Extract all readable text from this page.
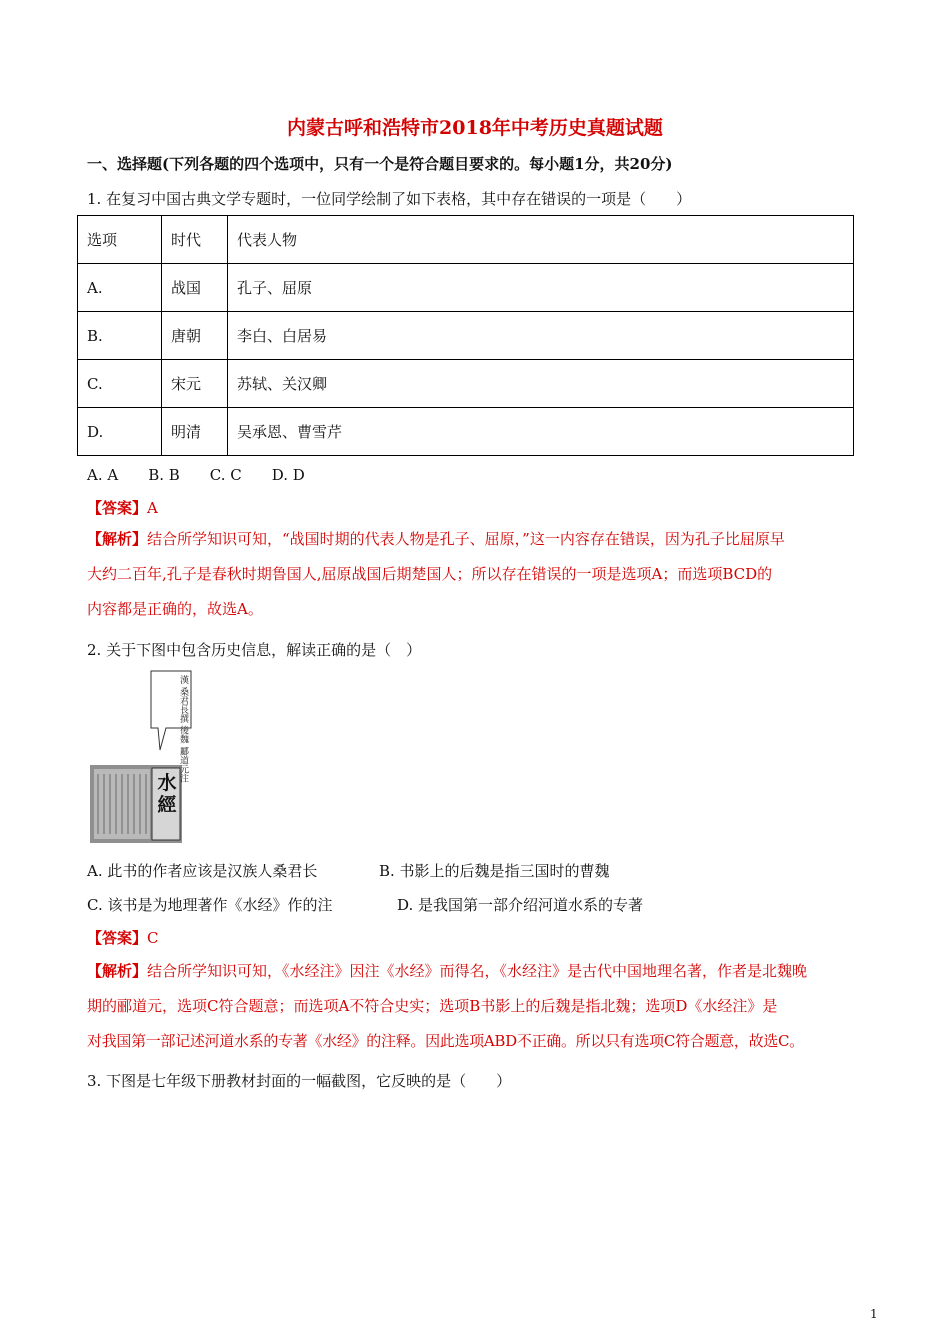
内蒙古呼和浩特市2018年中考历史真题试题
一、选择题(下列各题的四个选项中，只有一个是符合题目要求的。每小题1分，共20分)
1. 在复习中国古典文学专题时，一位同学绘制了如下表格，其中存在错误的一项是（　　）
选项	时代	代表人物
A.	战国	孔子、屈原
B.	唐朝	李白、白居易
C.	宋元	苏轼、关汉卿
D.	明清	吴承恩、曹雪芹
A. A　　B. B　　C. C　　D. D
【答案】A
【解析】结合所学知识可知，“战国时期的代表人物是孔子、屈原，”这一内容存在错误，因为孔子比屈原早
大约二百年,孔子是春秋时期鲁国人,屈原战国后期楚国人；所以存在错误的一项是选项A；而选项BCD的
内容都是正确的，故选A。
2. 关于下图中包含历史信息，解读正确的是（　）
漢 桑君長撰 後魏 酈道元注
水經
A. 此书的作者应该是汉族人桑君长	B. 书影上的后魏是指三国时的曹魏
C. 该书是为地理著作《水经》作的注	D. 是我国第一部介绍河道水系的专著
【答案】C
【解析】结合所学知识可知，《水经注》因注《水经》而得名，《水经注》是古代中国地理名著，作者是北魏晚
期的郦道元，选项C符合题意；而选项A不符合史实；选项B书影上的后魏是指北魏；选项D《水经注》是
对我国第一部记述河道水系的专著《水经》的注释。因此选项ABD不正确。所以只有选项C符合题意，故选C。
3. 下图是七年级下册教材封面的一幅截图，它反映的是（　　）
1
